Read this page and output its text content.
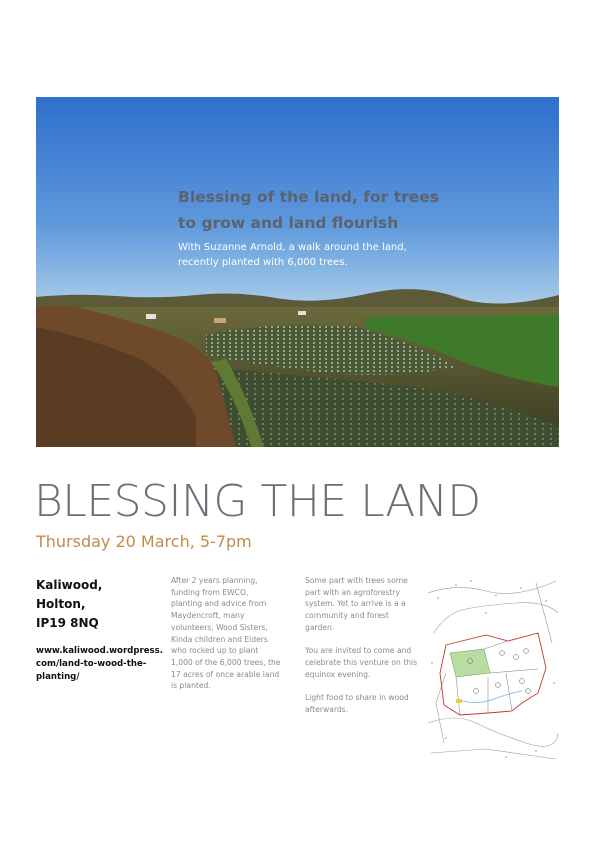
Blessing of the land, for trees
to grow and land flourish
With Suzanne Arnold, a walk around the land,
recently planted with 6,000 trees.
BLESSING THE LAND
Thursday 20 March, 5-7pm
Kaliwood,
Holton,
IP19 8NQ
www.kaliwood.wordpress.
com/land-to-wood-the-
planting/
After 2 years planning,
funding from EWCO,
planting and advice from
Maydencroft, many
volunteers, Wood Sisters,
Kinda children and Elders
who rocked up to plant
1,000 of the 6,000 trees, the
17 acres of once arable land
is planted.
Some part with trees some
part with an agroforestry
system. Yet to arrive is a a
community and forest
garden.
You are invited to come and
celebrate this venture on this
equinox evening.
Light food to share in wood
afterwards.
